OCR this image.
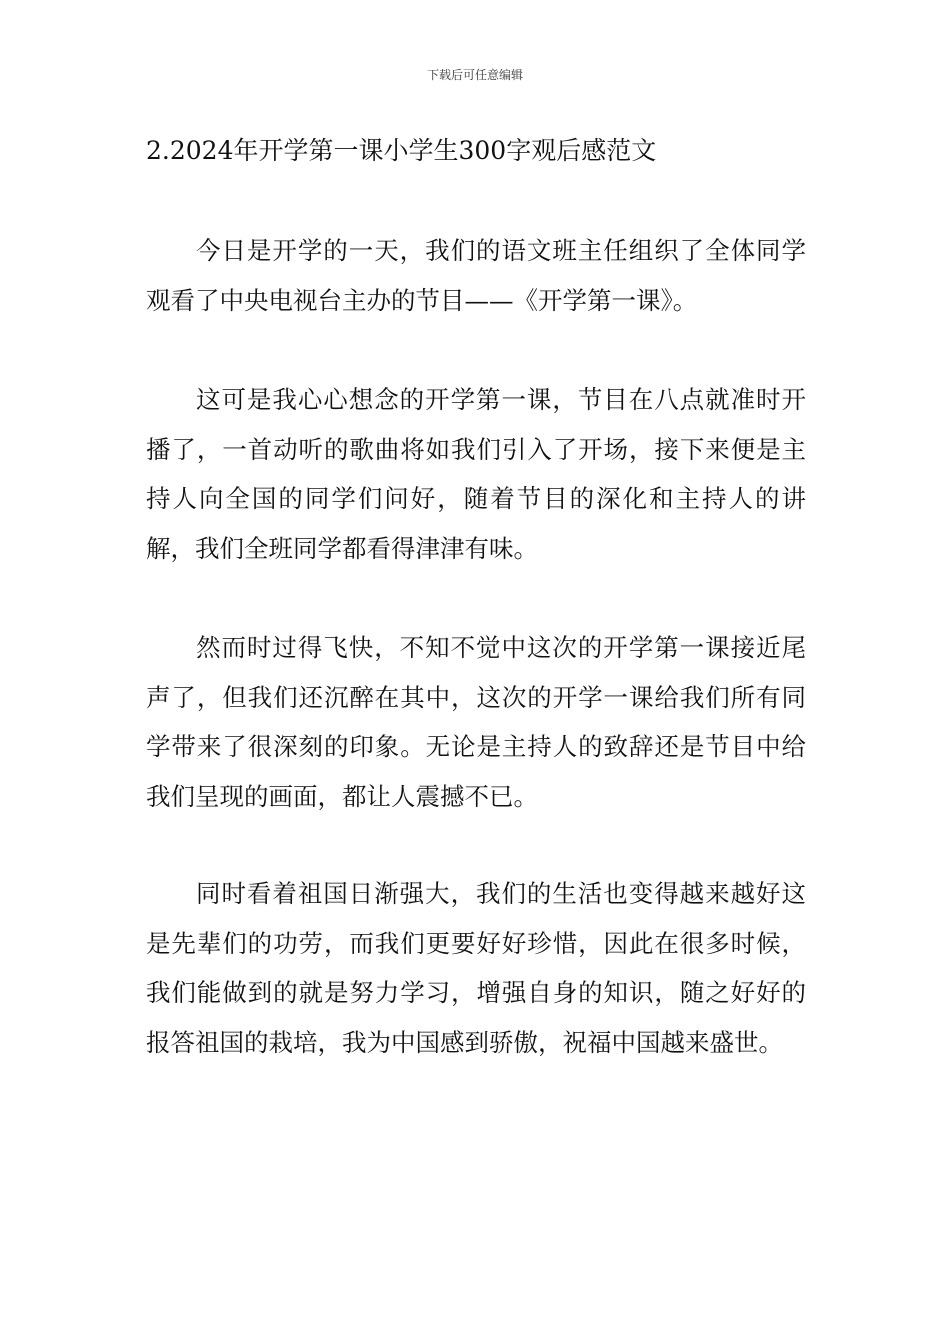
下载后可任意编辑
2.2024年开学第一课小学生300字观后感范文

今日是开学的一天，我们的语文班主任组织了全体同学观看了中央电视台主办的节目——《开学第一课》。

这可是我心心想念的开学第一课，节目在八点就准时开播了，一首动听的歌曲将如我们引入了开场，接下来便是主持人向全国的同学们问好，随着节目的深化和主持人的讲解，我们全班同学都看得津津有味。

然而时过得飞快，不知不觉中这次的开学第一课接近尾声了，但我们还沉醉在其中，这次的开学一课给我们所有同学带来了很深刻的印象。无论是主持人的致辞还是节目中给我们呈现的画面，都让人震撼不已。

同时看着祖国日渐强大，我们的生活也变得越来越好这是先辈们的功劳，而我们更要好好珍惜，因此在很多时候，我们能做到的就是努力学习，增强自身的知识，随之好好的报答祖国的栽培，我为中国感到骄傲，祝福中国越来盛世。
